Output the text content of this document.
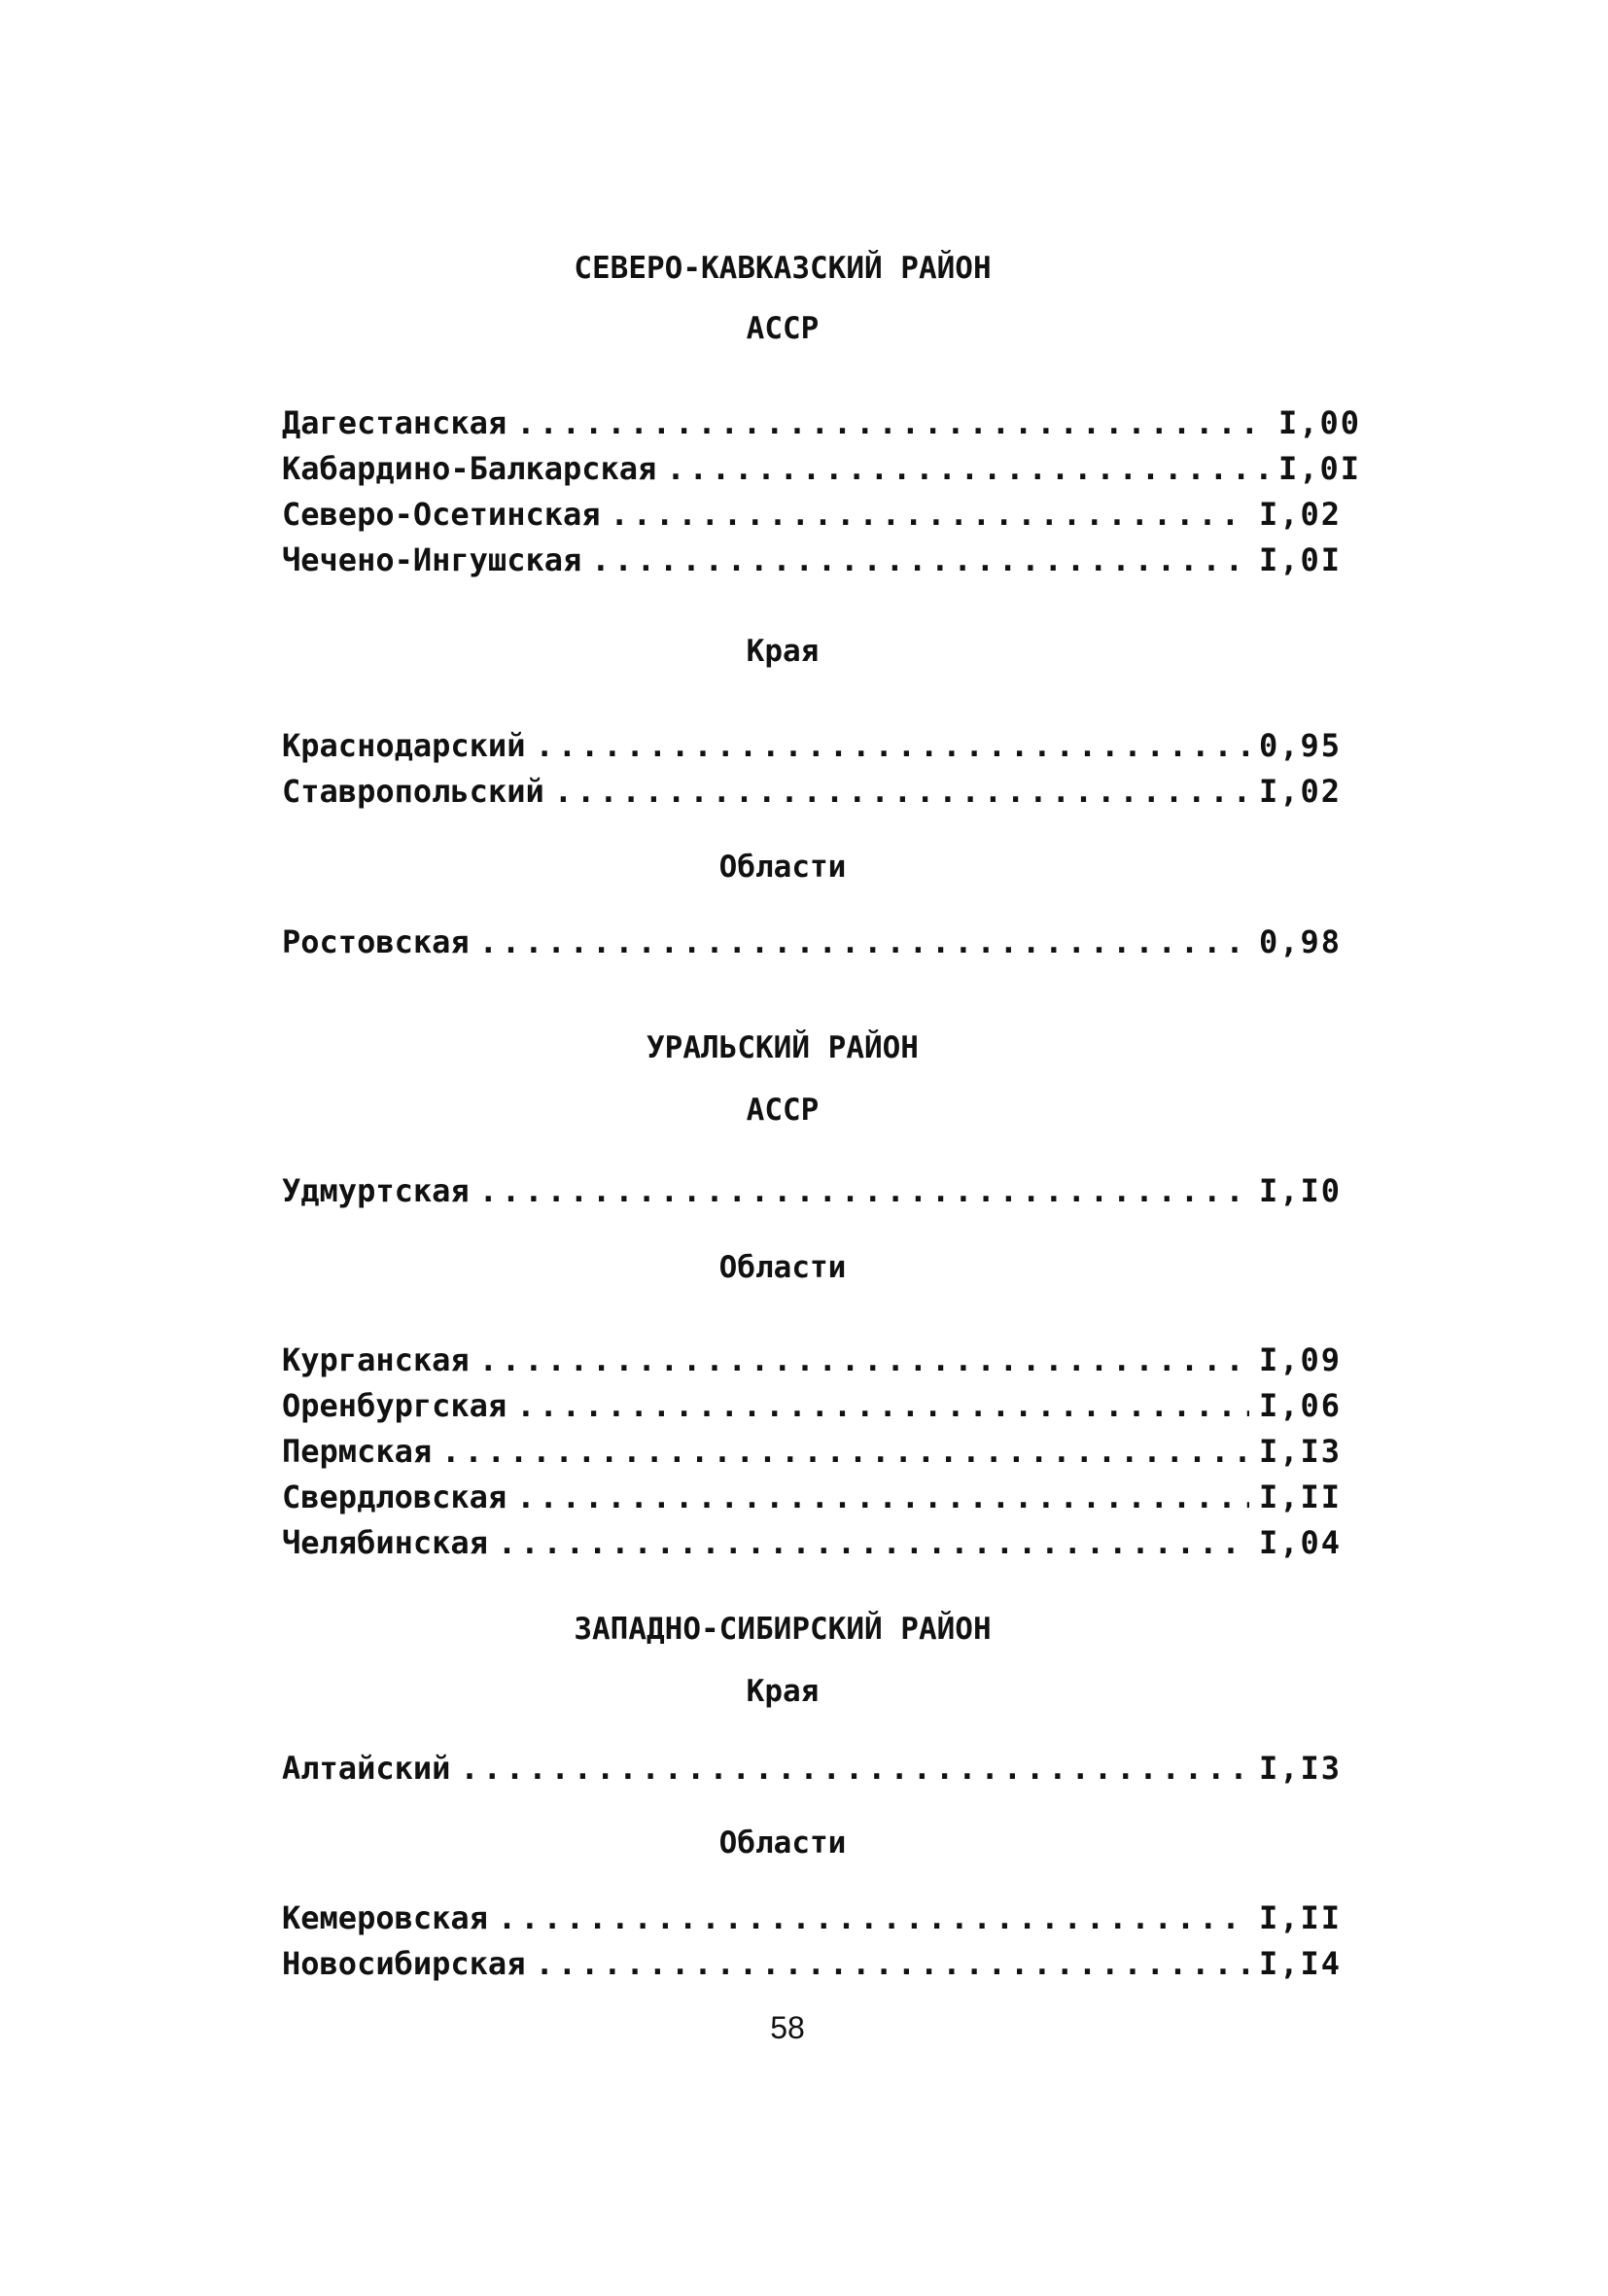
СЕВЕРО-КАВКАЗСКИЙ РАЙОН
АССР
Дагестанская .....	I,00
Кабардино-Балкарская .....	I,0I
Северо-Осетинская .....	I,02
Чечено-Ингушская .....	I,0I
Края
Краснодарский .....	0,95
Ставропольский .....	I,02
Области
Ростовская .....	0,98
УРАЛЬСКИЙ РАЙОН
АССР
Удмуртская .....	I,I0
Области
Курганская .....	I,09
Оренбургская .....	I,06
Пермская .....	I,I3
Свердловская .....	I,II
Челябинская .....	I,04
ЗАПАДНО-СИБИРСКИЙ РАЙОН
Края
Алтайский .....	I,I3
Области
Кемеровская .....	I,II
Новосибирская .....	I,I4
58
